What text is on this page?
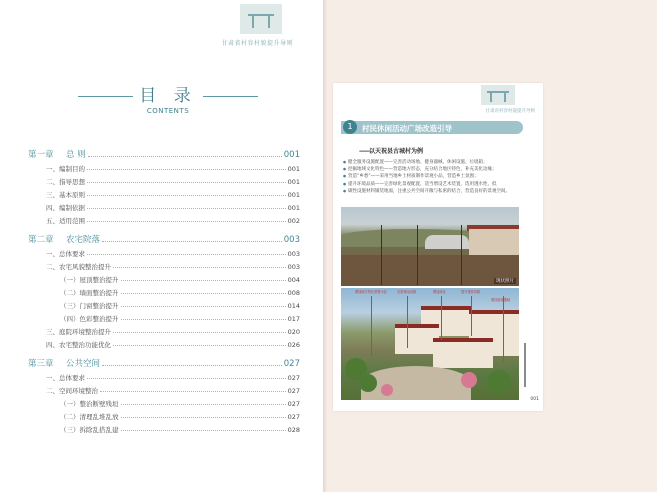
甘肃省村容村貌提升导则
目 录
CONTENTS
第一章 总 则	001
一、编制目的	001
二、指导思想	001
三、基本原则	001
四、编制依据	001
五、适用范围	002
第二章 农宅院落	003
一、总体要求	003
二、农宅风貌整治提升	003
（一）屋顶整治提升	004
（二）墙面整治提升	008
（三）门窗整治提升	014
（四）色彩整治提升	017
三、庭院环境整治提升	020
四、农宅整治功能优化	026
第三章 公共空间	027
一、总体要求	027
二、空间环境整治	027
（一）整治断壁残垣	027
（二）清理乱堆乱放	027
（三）拆除乱搭乱建	028
甘肃省村容村貌提升导则
1	村民休闲活动广场改造引导
——以天祝县古城村为例
● 健全服务设施配置——完善活动场地、健身器械、休闲设施、垃圾箱；
● 挖掘地域文化特色——营造地方形态，充分结合地区特色，补充美化边缘；
● 营造“乡愁”——采用当地乡土材质制作景观小品，营造乡土氛围；
● 提升环境品质——完善绿化景观配置，适当增设艺术装置，选用透水性、低
● 碳性设施材料铺装地面，注重公共空间开敞与私密的结合，营造良好的景观空间。
现状照片
增加地方特色景观小品	完善休闲设施	增加绿化	提升建筑风貌
增设健身器械
001
